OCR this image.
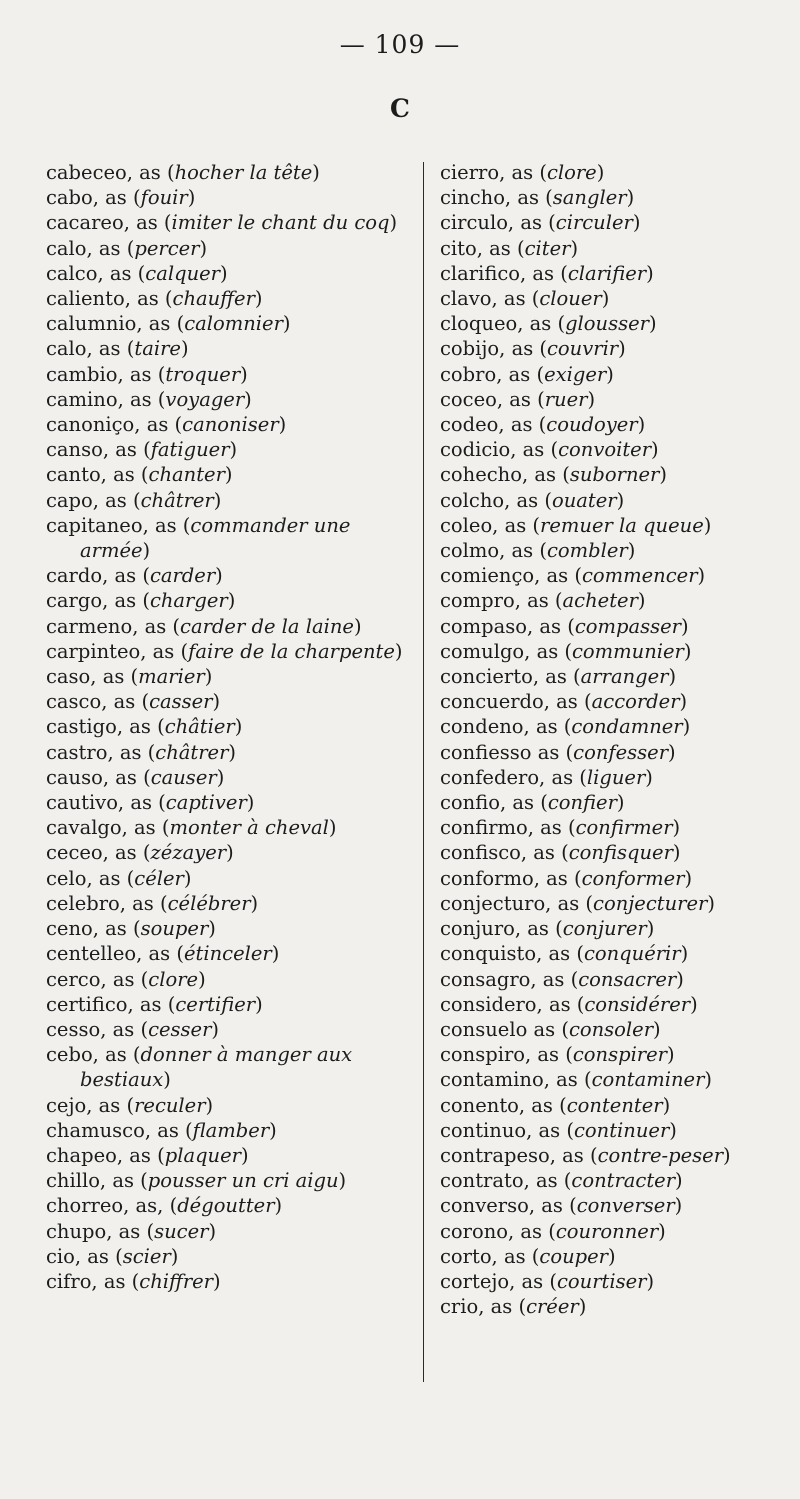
— 109 —
C
cabeceo, as (hocher la tête)
cabo, as (fouir)
cacareo, as (imiter le chant du coq)
calo, as (percer)
calco, as (calquer)
caliento, as (chauffer)
calumnio, as (calomnier)
calo, as (taire)
cambio, as (troquer)
camino, as (voyager)
canoniço, as (canoniser)
canso, as (fatiguer)
canto, as (chanter)
capo, as (châtrer)
capitaneo, as (commander une armée)
cardo, as (carder)
cargo, as (charger)
carmeno, as (carder de la laine)
carpinteo, as (faire de la charpente)
caso, as (marier)
casco, as (casser)
castigo, as (châtier)
castro, as (châtrer)
causo, as (causer)
cautivo, as (captiver)
cavalgo, as (monter à cheval)
ceceo, as (zézayer)
celo, as (céler)
celebro, as (célébrer)
ceno, as (souper)
centelleo, as (étinceler)
cerco, as (clore)
certifico, as (certifier)
cesso, as (cesser)
cebo, as (donner à manger aux bestiaux)
cejo, as (reculer)
chamusco, as (flamber)
chapeo, as (plaquer)
chillo, as (pousser un cri aigu)
chorreo, as, (dégoutter)
chupo, as (sucer)
cio, as (scier)
cifro, as (chiffrer)
cierro, as (clore)
cincho, as (sangler)
circulo, as (circuler)
cito, as (citer)
clarifico, as (clarifier)
clavo, as (clouer)
cloqueo, as (glousser)
cobijo, as (couvrir)
cobro, as (exiger)
coceo, as (ruer)
codeo, as (coudoyer)
codicio, as (convoiter)
cohecho, as (suborner)
colcho, as (ouater)
coleo, as (remuer la queue)
colmo, as (combler)
comienço, as (commencer)
compro, as (acheter)
compaso, as (compasser)
comulgo, as (communier)
concierto, as (arranger)
concuerdo, as (accorder)
condeno, as (condamner)
confiesso as (confesser)
confedero, as (liguer)
confio, as (confier)
confirmo, as (confirmer)
confisco, as (confisquer)
conformo, as (conformer)
conjecturo, as (conjecturer)
conjuro, as (conjurer)
conquisto, as (conquérir)
consagro, as (consacrer)
considero, as (considérer)
consuelo as (consoler)
conspiro, as (conspirer)
contamino, as (contaminer)
conento, as (contenter)
continuo, as (continuer)
contrapeso, as (contre-peser)
contrato, as (contracter)
converso, as (converser)
corono, as (couronner)
corto, as (couper)
cortejo, as (courtiser)
crio, as (créer)
